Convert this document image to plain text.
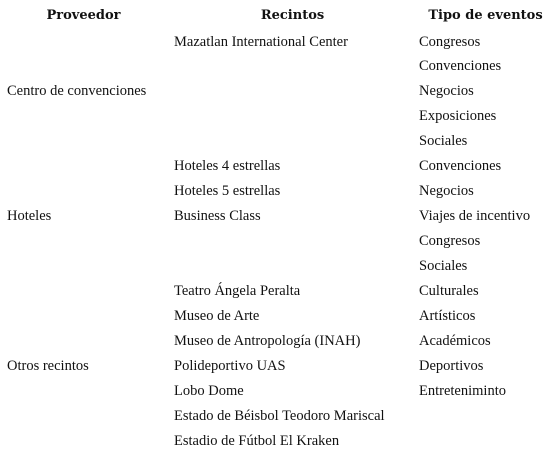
Proveedor	Recintos	Tipo de eventos
	Mazatlan International Center	Congresos
		Convenciones
Centro de convenciones		Negocios
		Exposiciones
		Sociales
	Hoteles 4 estrellas	Convenciones
	Hoteles 5 estrellas	Negocios
Hoteles	Business Class	Viajes de incentivo
		Congresos
		Sociales
	Teatro Ángela Peralta	Culturales
	Museo de Arte	Artísticos
	Museo de Antropología (INAH)	Académicos
Otros recintos	Polideportivo UAS	Deportivos
	Lobo Dome	Entreteniminto
	Estado de Béisbol Teodoro Mariscal	
	Estadio de Fútbol El Kraken	
